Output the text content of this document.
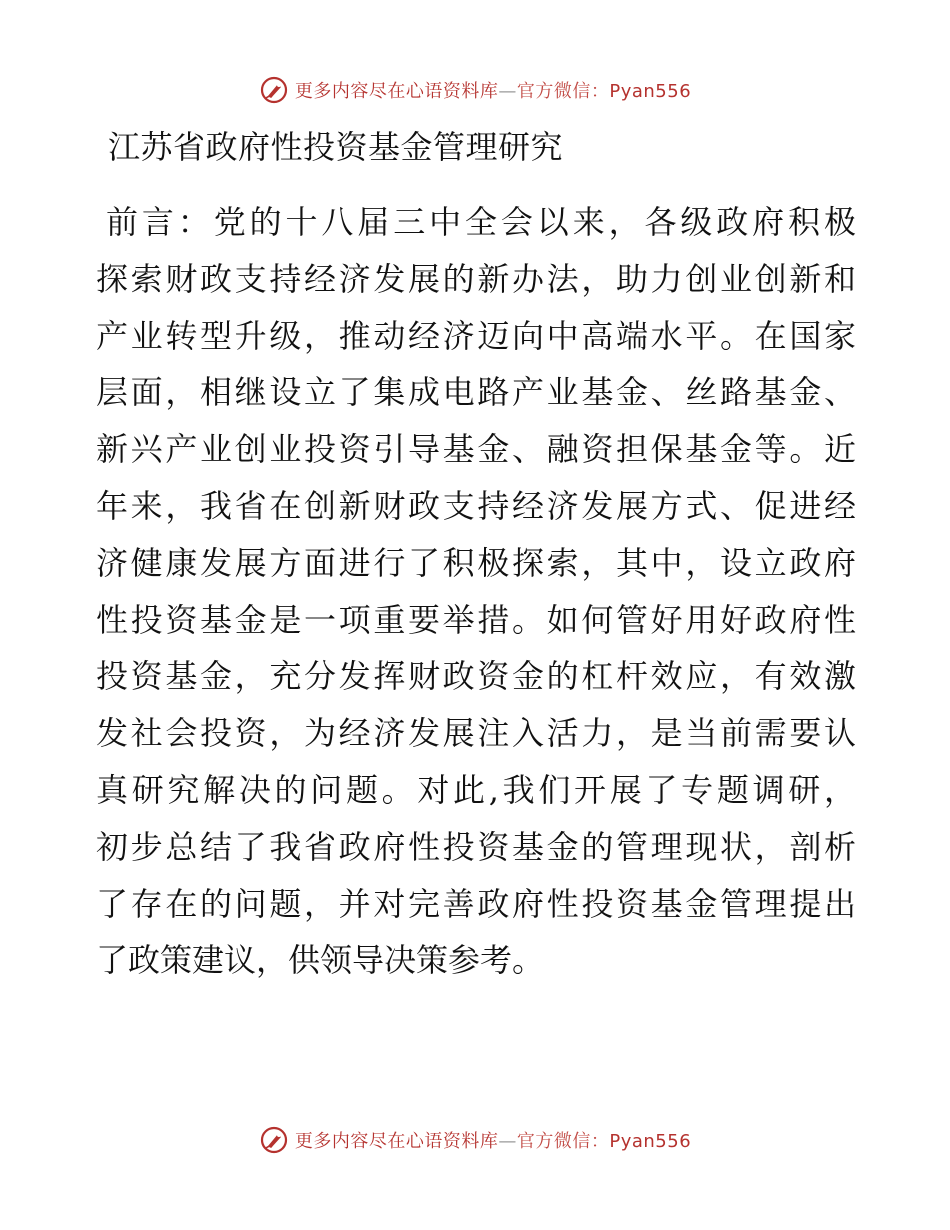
更多内容尽在心语资料库—官方微信：Pyan556
江苏省政府性投资基金管理研究
前言：党的十八届三中全会以来，各级政府积极
探索财政支持经济发展的新办法，助力创业创新和
产业转型升级，推动经济迈向中高端水平。在国家
层面，相继设立了集成电路产业基金、丝路基金、
新兴产业创业投资引导基金、融资担保基金等。近
年来，我省在创新财政支持经济发展方式、促进经
济健康发展方面进行了积极探索，其中，设立政府
性投资基金是一项重要举措。如何管好用好政府性
投资基金，充分发挥财政资金的杠杆效应，有效激
发社会投资，为经济发展注入活力，是当前需要认
真研究解决的问题。对此,我们开展了专题调研，
初步总结了我省政府性投资基金的管理现状，剖析
了存在的问题，并对完善政府性投资基金管理提出
了政策建议，供领导决策参考。
更多内容尽在心语资料库—官方微信：Pyan556
